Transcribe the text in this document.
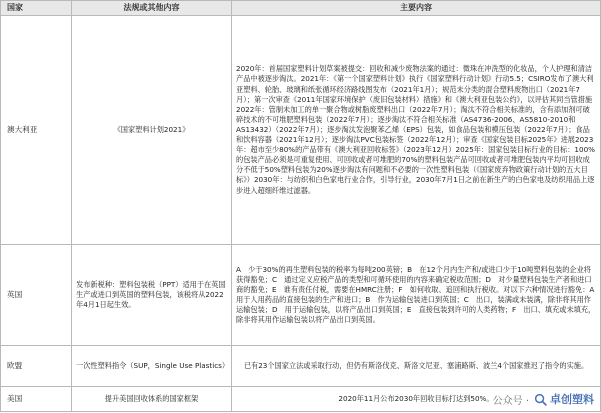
国家	法规或其他内容	主要内容
澳大利亚	《国家塑料计划2021》	2020年：首届国家塑料计划草案被提交：回收和减少废物法案的通过：微珠在冲洗型的化妆品，个人护理和清洁产品中被逐步淘汰。2021年：《第一个国家塑料计划》执行《国家塑料行动计划》行动5.5；CSIRO发布了澳大利亚塑料、轮胎、玻璃和纸张循环经济路线图发布（2021年1月）；规范未分类的混合塑料废物出口（2021年7月）；第一次审查《2011年国家环境保护（废旧包装材料）措施》和《澳大利亚包装公约》，以评估其同当管措施2022年：管制未加工的单一聚合物或树脂废塑料出口（2022年7月）；淘汰不符合相关标准的，含有添加剂可破碎技术的不可堆肥塑料包装（2022年7月）；逐步淘汰不符合相关标准（AS4736-2006、AS5810-2010和AS13432）（2022年7月）；逐步淘汰发泡聚苯乙烯（EPS）包装，如食品包装和模压包装（2022年7月）；食品和饮料容器（2021年12月）；逐步淘汰PVC包装标签（2022年12月）；审查《国家包装目标2025年》进展2023年：超市至少80%的产品带有《澳大利亚回收标签》（2023年12月）2025年：国家包装目标行业的目标：100%的包装产品必须是可重复使用、可回收或者可堆肥的70%的塑料包装产品可回收或者可堆肥包装内平均可回收成分不低于50%塑料包装为20%逐步淘汰有问题和不必要的一次性塑料包装（《国家废弃物政策行动计划的五大目标》）2030年：与纺织和白色家电行业合作，引导行业，2030年7月1日之前在新生产的白色家电及纺织用品上逐步进入超细纤维过滤器。
英国	发布新税种：塑料包装税（PPT）适用于在英国生产或进口到英国的塑料包装，该税将从2022年4月1日起生效。	A　少于30%的再生塑料包装的税率为每吨200英镑；B　在12个月内生产和/或进口少于10吨塑料包装的企业将获得豁免；C　通过定义应税产品的类型和可循环使用的内容来确定税收范围；D　对少量塑料包装生产者和进口商的豁免；E　谁有责任付税，需要在HMRC注册；F　如何收取、追回和执行税收。对以下六种情况进行豁免：A　用于人用药品的直接包装的生产和进口；B　作为运输包装进口到英国；C　出口，装满或未装满，除非将其用作运输包装；D　用于运输包装，以将产品出口到英国；E　直接包装到许可的人类药物；F　出口、填充或未填充，除非将其用作运输包装以将产品出口到英国。
欧盟	一次性塑料指令（SUP，Single Use Plastics）	已有23个国家立法或采取行动，但仍有斯洛伐克、斯洛文尼亚、塞浦路斯、波兰4个国家推迟了指令的实施。
美国	提升美国回收体系的国家框架	2020年11月公布2030年回收目标打达到50%。 公众号 · 卓创塑料
